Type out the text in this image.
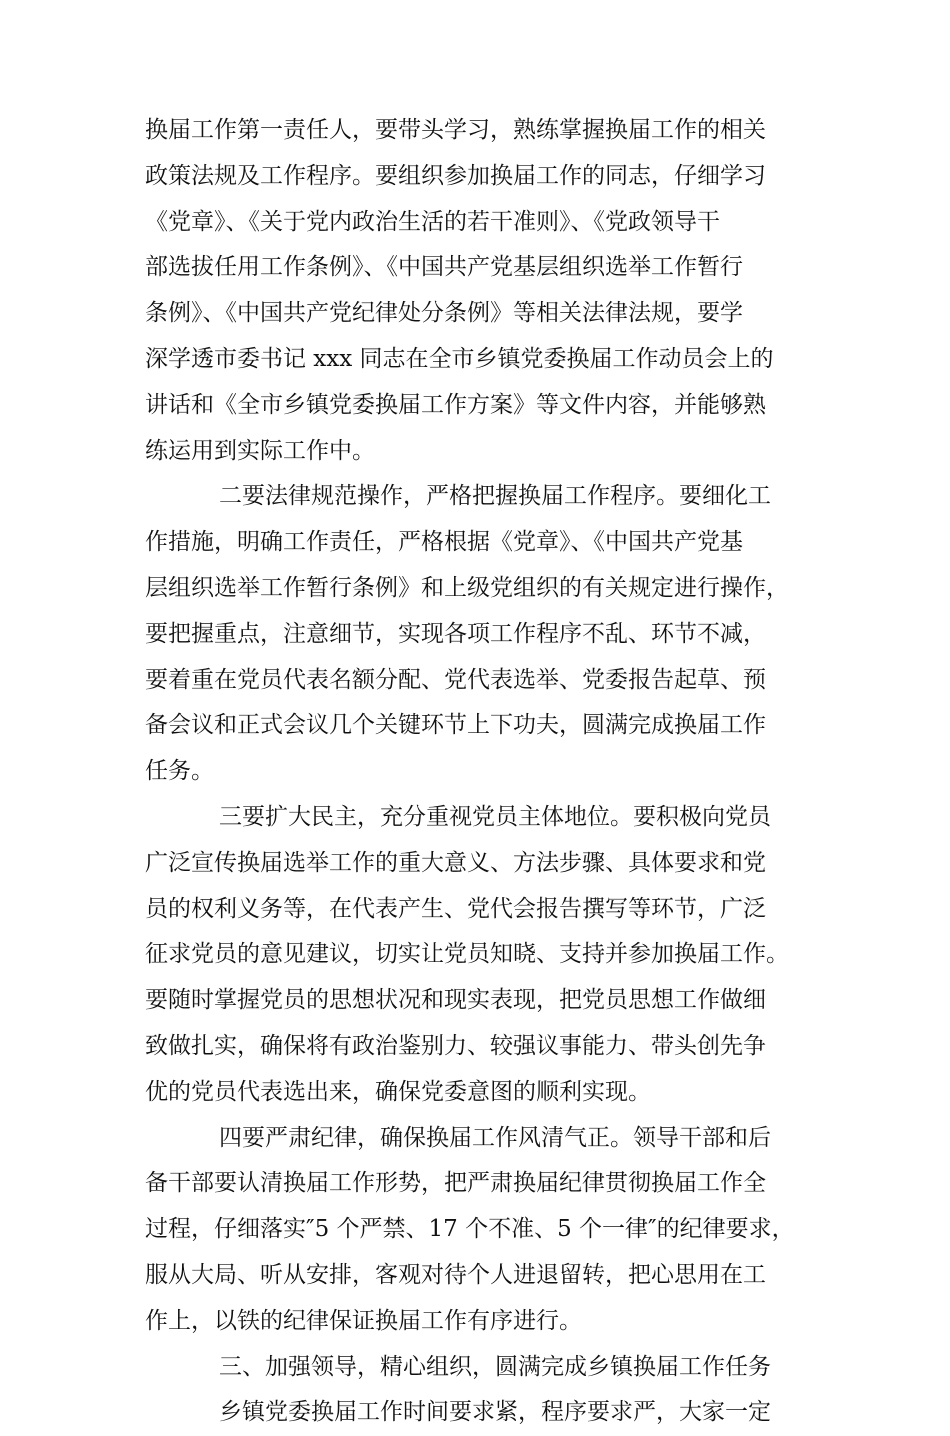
换届工作第一责任人，要带头学习，熟练掌握换届工作的相关
政策法规及工作程序。要组织参加换届工作的同志，仔细学习
《党章》、《关于党内政治生活的若干准则》、《党政领导干
部选拔任用工作条例》、《中国共产党基层组织选举工作暂行
条例》、《中国共产党纪律处分条例》等相关法律法规，要学
深学透市委书记 xxx 同志在全市乡镇党委换届工作动员会上的
讲话和《全市乡镇党委换届工作方案》等文件内容，并能够熟
练运用到实际工作中。
二要法律规范操作，严格把握换届工作程序。要细化工
作措施，明确工作责任，严格根据《党章》、《中国共产党基
层组织选举工作暂行条例》和上级党组织的有关规定进行操作，
要把握重点，注意细节，实现各项工作程序不乱、环节不减，
要着重在党员代表名额分配、党代表选举、党委报告起草、预
备会议和正式会议几个关键环节上下功夫，圆满完成换届工作
任务。
三要扩大民主，充分重视党员主体地位。要积极向党员
广泛宣传换届选举工作的重大意义、方法步骤、具体要求和党
员的权利义务等，在代表产生、党代会报告撰写等环节，广泛
征求党员的意见建议，切实让党员知晓、支持并参加换届工作。
要随时掌握党员的思想状况和现实表现，把党员思想工作做细
致做扎实，确保将有政治鉴别力、较强议事能力、带头创先争
优的党员代表选出来，确保党委意图的顺利实现。
四要严肃纪律，确保换届工作风清气正。领导干部和后
备干部要认清换届工作形势，把严肃换届纪律贯彻换届工作全
过程，仔细落实″5 个严禁、17 个不准、5 个一律″的纪律要求，
服从大局、听从安排，客观对待个人进退留转，把心思用在工
作上，以铁的纪律保证换届工作有序进行。
三、加强领导，精心组织，圆满完成乡镇换届工作任务
乡镇党委换届工作时间要求紧，程序要求严，大家一定
